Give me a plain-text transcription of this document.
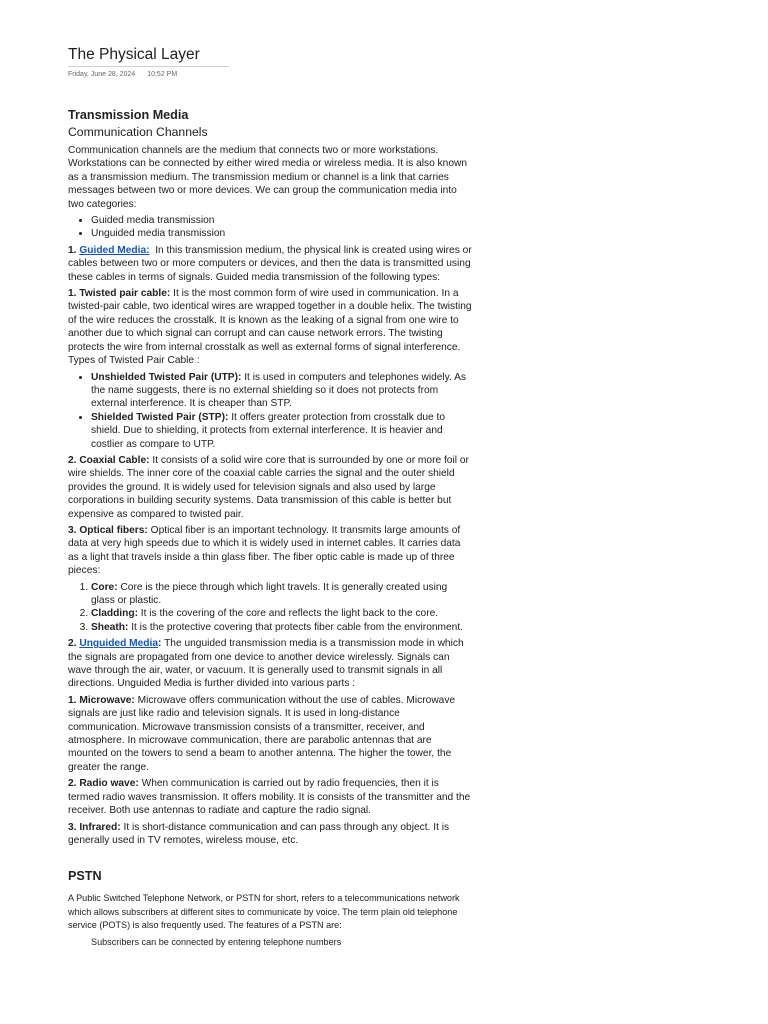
The Physical Layer
Friday, June 28, 2024 10:52 PM
Transmission Media
Communication Channels

Communication channels are the medium that connects two or more workstations. Workstations can be connected by either wired media or wireless media. It is also known as a transmission medium. The transmission medium or channel is a link that carries messages between two or more devices. We can group the communication media into two categories:

• Guided media transmission
• Unguided media transmission

1. Guided Media: In this transmission medium, the physical link is created using wires or cables between two or more computers or devices, and then the data is transmitted using these cables in terms of signals. Guided media transmission of the following types:

1. Twisted pair cable: It is the most common form of wire used in communication. In a twisted-pair cable, two identical wires are wrapped together in a double helix. The twisting of the wire reduces the crosstalk. It is known as the leaking of a signal from one wire to another due to which signal can corrupt and can cause network errors. The twisting protects the wire from internal crosstalk as well as external forms of signal interference. Types of Twisted Pair Cable :

• Unshielded Twisted Pair (UTP): It is used in computers and telephones widely. As the name suggests, there is no external shielding so it does not protects from external interference. It is cheaper than STP.
• Shielded Twisted Pair (STP): It offers greater protection from crosstalk due to shield. Due to shielding, it protects from external interference. It is heavier and costlier as compare to UTP.

2. Coaxial Cable: It consists of a solid wire core that is surrounded by one or more foil or wire shields. The inner core of the coaxial cable carries the signal and the outer shield provides the ground. It is widely used for television signals and also used by large corporations in building security systems. Data transmission of this cable is better but expensive as compared to twisted pair.

3. Optical fibers: Optical fiber is an important technology. It transmits large amounts of data at very high speeds due to which it is widely used in internet cables. It carries data as a light that travels inside a thin glass fiber. The fiber optic cable is made up of three pieces:

1. Core: Core is the piece through which light travels. It is generally created using glass or plastic.
2. Cladding: It is the covering of the core and reflects the light back to the core.
3. Sheath: It is the protective covering that protects fiber cable from the environment.

2. Unguided Media: The unguided transmission media is a transmission mode in which the signals are propagated from one device to another device wirelessly. Signals can wave through the air, water, or vacuum. It is generally used to transmit signals in all directions. Unguided Media is further divided into various parts :

1. Microwave: Microwave offers communication without the use of cables. Microwave signals are just like radio and television signals. It is used in long-distance communication. Microwave transmission consists of a transmitter, receiver, and atmosphere. In microwave communication, there are parabolic antennas that are mounted on the towers to send a beam to another antenna. The higher the tower, the greater the range.

2. Radio wave: When communication is carried out by radio frequencies, then it is termed radio waves transmission. It offers mobility. It is consists of the transmitter and the receiver. Both use antennas to radiate and capture the radio signal.

3. Infrared: It is short-distance communication and can pass through any object. It is generally used in TV remotes, wireless mouse, etc.

PSTN

A Public Switched Telephone Network, or PSTN for short, refers to a telecommunications network which allows subscribers at different sites to communicate by voice. The term plain old telephone service (POTS) is also frequently used. The features of a PSTN are:

Subscribers can be connected by entering telephone numbers
